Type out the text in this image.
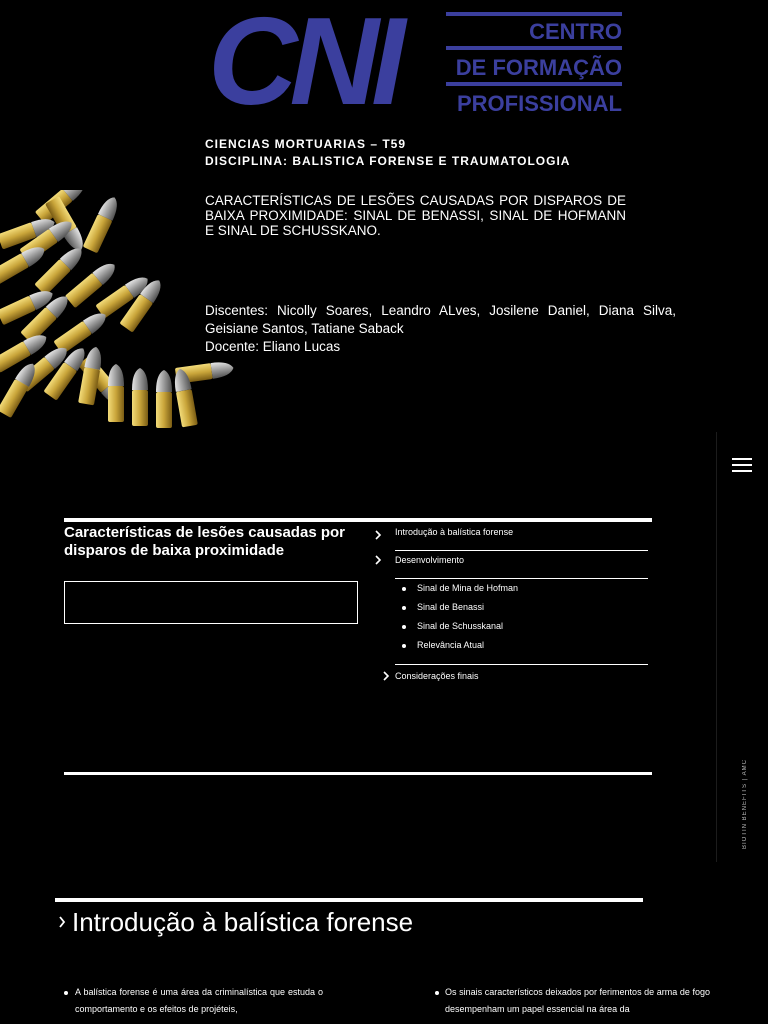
CNI	CENTRO
DE FORMAÇÃO
PROFISSIONAL
CIENCIAS MORTUARIAS – T59
DISCIPLINA: BALISTICA FORENSE E TRAUMATOLOGIA
CARACTERÍSTICAS DE LESÕES CAUSADAS POR DISPAROS DE BAIXA PROXIMIDADE: SINAL DE BENASSI, SINAL DE HOFMANN E SINAL DE SCHUSSKANO.
Discentes: Nicolly Soares, Leandro ALves, Josilene Daniel, Diana Silva, Geisiane Santos, Tatiane Saback
Docente: Eliano Lucas
BIOTIN BENEFITS | AMC
Características de lesões causadas por disparos de baixa proximidade
Introdução à balística forense
Desenvolvimento
Sinal de Mina de Hofman
Sinal de Benassi
Sinal de Schusskanal
Relevância Atual
Considerações finais
Introdução à balística forense
A balística forense é uma área da criminalística que estuda o comportamento e os efeitos de projéteis,
Os sinais característicos deixados por ferimentos de arma de fogo desempenham um papel essencial na área da
